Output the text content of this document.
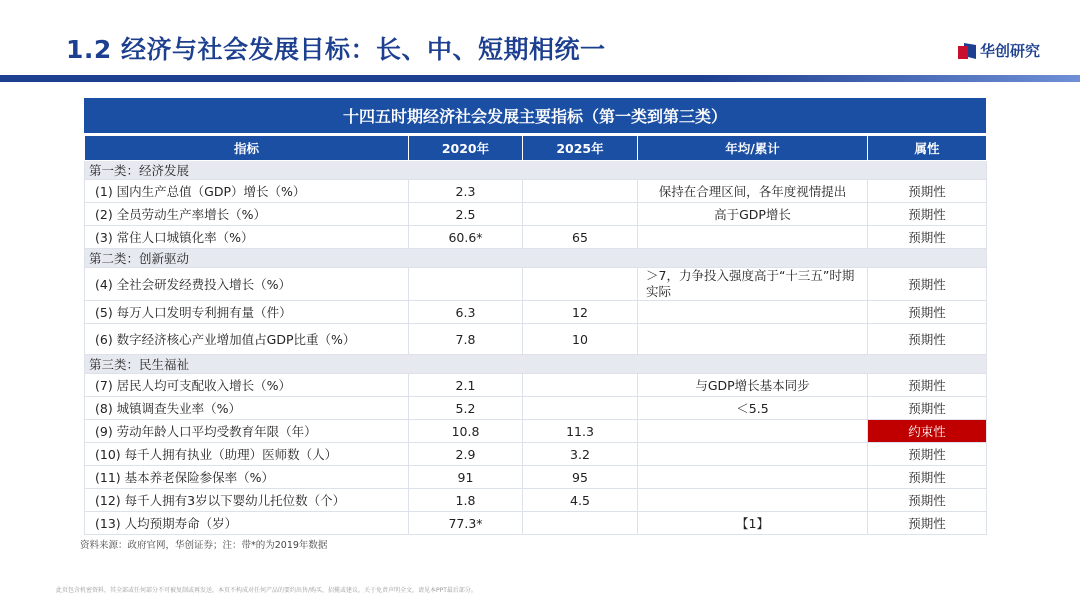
1.2 经济与社会发展目标：长、中、短期相统一	华创研究
十四五时期经济社会发展主要指标（第一类到第三类）
指标	2020年	2025年	年均/累计	属性
第一类：经济发展				
(1) 国内生产总值（GDP）增长（%）	2.3		保持在合理区间，各年度视情提出	预期性
(2) 全员劳动生产率增长（%）	2.5		高于GDP增长	预期性
(3) 常住人口城镇化率（%）	60.6*	65		预期性
第二类：创新驱动				
(4) 全社会研发经费投入增长（%）			＞7，力争投入强度高于“十三五”时期实际	预期性
(5) 每万人口发明专利拥有量（件）	6.3	12		预期性
(6) 数字经济核心产业增加值占GDP比重（%）	7.8	10		预期性
第三类：民生福祉				
(7) 居民人均可支配收入增长（%）	2.1		与GDP增长基本同步	预期性
(8) 城镇调查失业率（%）	5.2		＜5.5	预期性
(9) 劳动年龄人口平均受教育年限（年）	10.8	11.3		约束性
(10) 每千人拥有执业（助理）医师数（人）	2.9	3.2		预期性
(11) 基本养老保险参保率（%）	91	95		预期性
(12) 每千人拥有3岁以下婴幼儿托位数（个）	1.8	4.5		预期性
(13) 人均预期寿命（岁）	77.3*		【1】	预期性
资料来源：政府官网，华创证券；注：带*的为2019年数据
此页包含机密资料，其全部或任何部分不可被复制或再发送。本页不构成对任何产品的要约出售/购买、招揽或建议。关于免责声明全文，请见本PPT最后部分。
